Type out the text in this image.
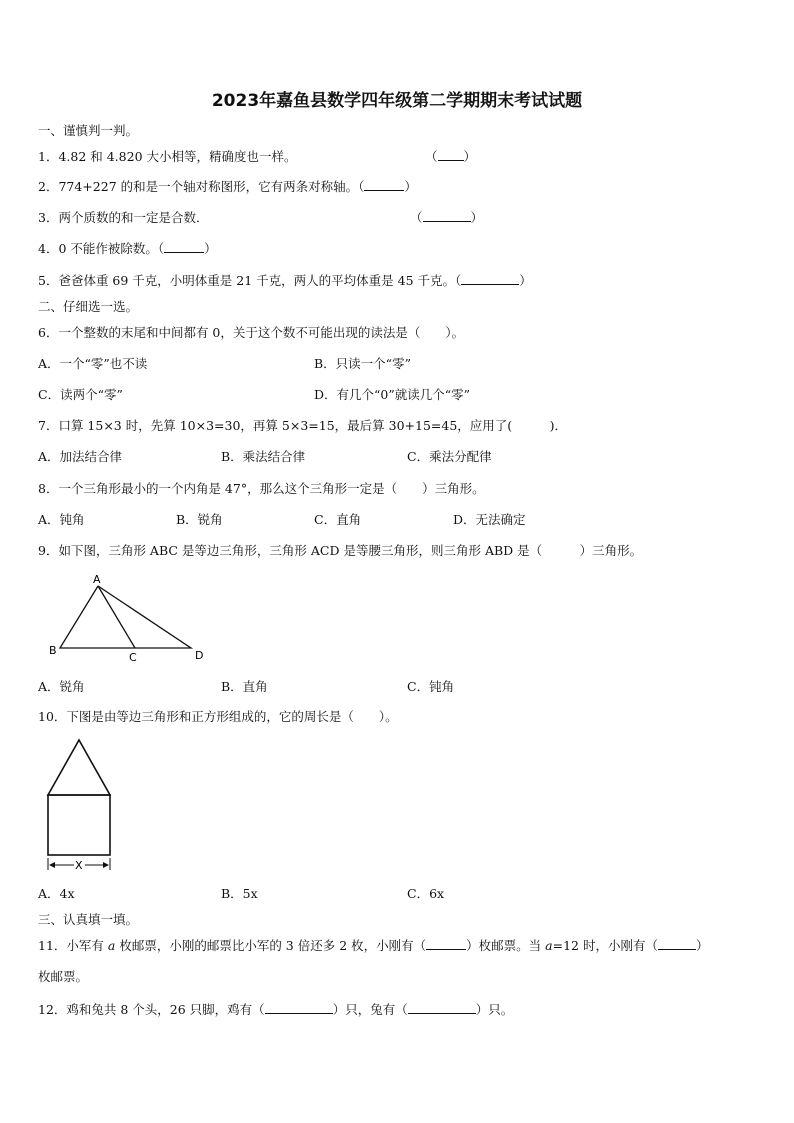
2023年嘉鱼县数学四年级第二学期期末考试试题
一、谨慎判一判。
1．4.82 和 4.820 大小相等，精确度也一样。	（ ）
2．774+227 的和是一个轴对称图形，它有两条对称轴。（	）
3．两个质数的和一定是合数．	（	）
4．0 不能作被除数。（	）
5．爸爸体重 69 千克，小明体重是 21 千克，两人的平均体重是 45 千克。（	）
二、仔细选一选。
6．一个整数的末尾和中间都有 0，关于这个数不可能出现的读法是（　　）。
A．一个“零”也不读	B．只读一个“零”
C．读两个“零”	D．有几个“0”就读几个“零”
7．口算 15×3 时，先算 10×3=30，再算 5×3=15，最后算 30+15=45，应用了(　　　)．
A．加法结合律	B．乘法结合律	C．乘法分配律
8．一个三角形最小的一个内角是 47°，那么这个三角形一定是（　　）三角形。
A．钝角	B．锐角	C．直角	D．无法确定
9．如下图，三角形 ABC 是等边三角形，三角形 ACD 是等腰三角形，则三角形 ABD 是（　　　）三角形。
A
B
C	D
A．锐角	B．直角	C．钝角
10．下图是由等边三角形和正方形组成的，它的周长是（　　）。
X
A．4x	B．5x	C．6x
三、认真填一填。
11．小军有 a 枚邮票，小刚的邮票比小军的 3 倍还多 2 枚，小刚有（	）枚邮票。当 a=12 时，小刚有（	）
枚邮票。
12．鸡和兔共 8 个头，26 只脚，鸡有（	）只，兔有（	）只。
